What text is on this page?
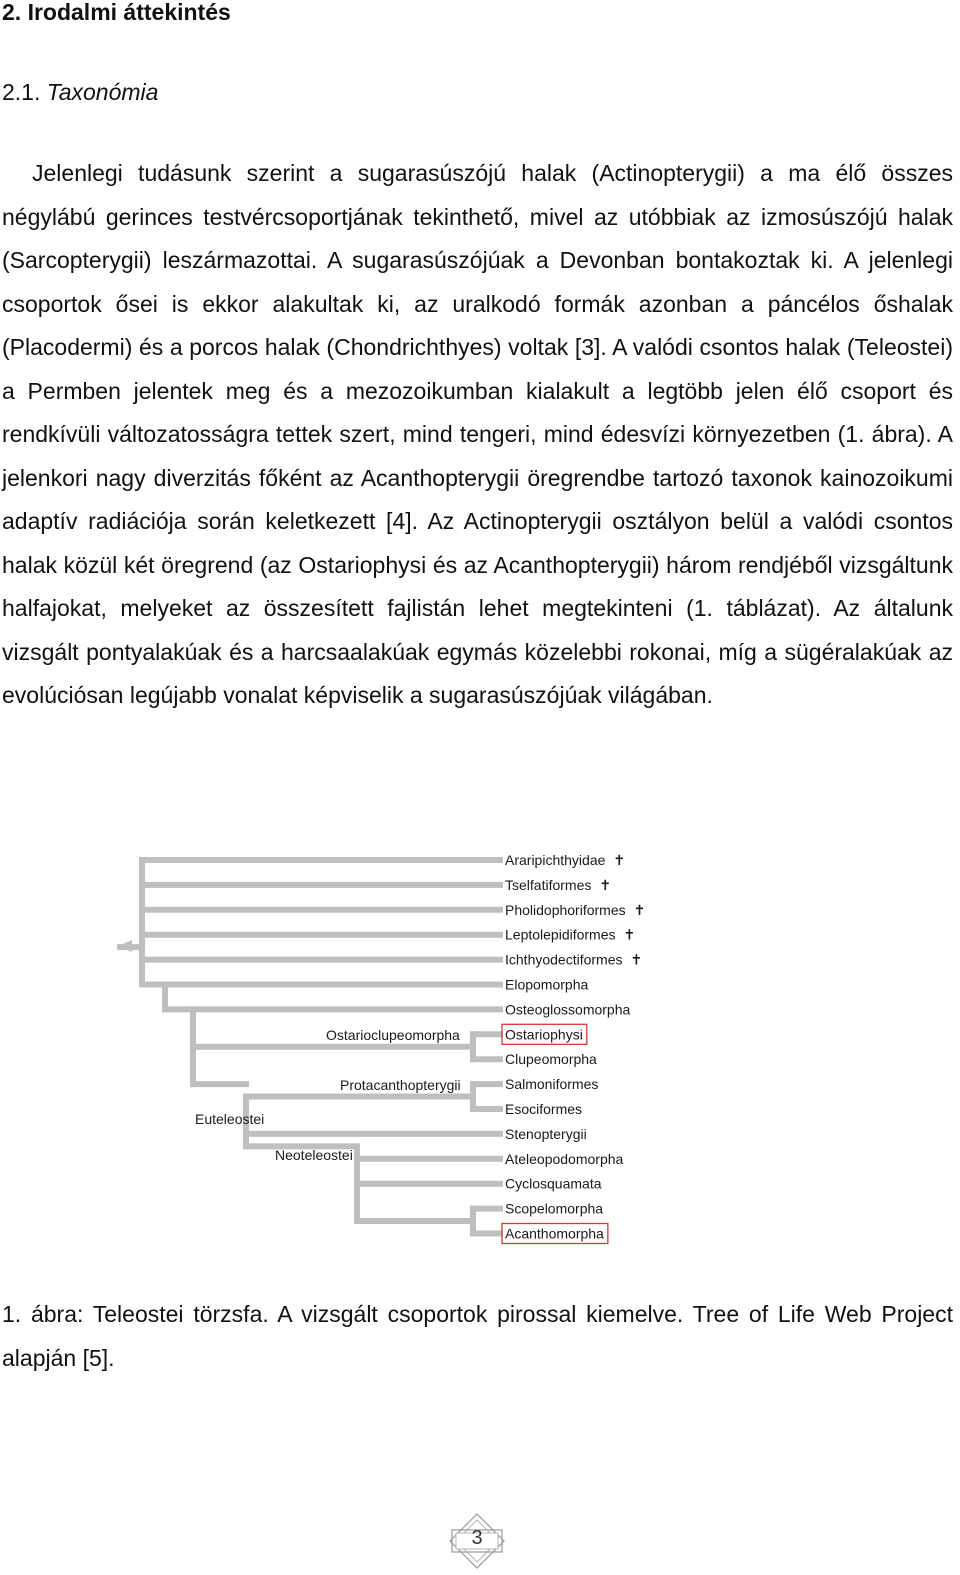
2. Irodalmi áttekintés
2.1. Taxonómia

Jelenlegi tudásunk szerint a sugarasúszójú halak (Actinopterygii) a ma élő összes négylábú gerinces testvércsoportjának tekinthető, mivel az utóbbiak az izmosúszójú halak (Sarcopterygii) leszármazottai. A sugarasúszójúak a Devonban bontakoztak ki. A jelenlegi csoportok ősei is ekkor alakultak ki, az uralkodó formák azonban a páncélos őshalak (Placodermi) és a porcos halak (Chondrichthyes) voltak [3]. A valódi csontos halak (Teleostei) a Permben jelentek meg és a mezozoikumban kialakult a legtöbb jelen élő csoport és rendkívüli változatosságra tettek szert, mind tengeri, mind édesvízi környezetben (1. ábra). A jelenkori nagy diverzitás főként az Acanthopterygii öregrendbe tartozó taxonok kainozoikumi adaptív radiációja során keletkezett [4]. Az Actinopterygii osztályon belül a valódi csontos halak közül két öregrend (az Ostariophysi és az Acanthopterygii) három rendjéből vizsgáltunk halfajokat, melyeket az összesített fajlistán lehet megtekinteni (1. táblázat). Az általunk vizsgált pontyalakúak és a harcsaalakúak egymás közelebbi rokonai, míg a sügéralakúak az evolúciósan legújabb vonalat képviselik a sugarasúszójúak világában.

Araripichthyidae ✝
Tselfatiformes ✝
Pholidophoriformes ✝
Leptolepidiformes ✝
Ichthyodectiformes ✝
Elopomorpha
Osteoglossomorpha
Ostariophysi
Clupeomorpha
Salmoniformes
Esociformes
Stenopterygii
Ateleopodomorpha
Cyclosquamata
Scopelomorpha
Acanthomorpha
Ostarioclupeomorpha
Protacanthopterygii
Euteleostei
Neoteleostei

1. ábra: Teleostei törzsfa. A vizsgált csoportok pirossal kiemelve. Tree of Life Web Project alapján [5].

3
